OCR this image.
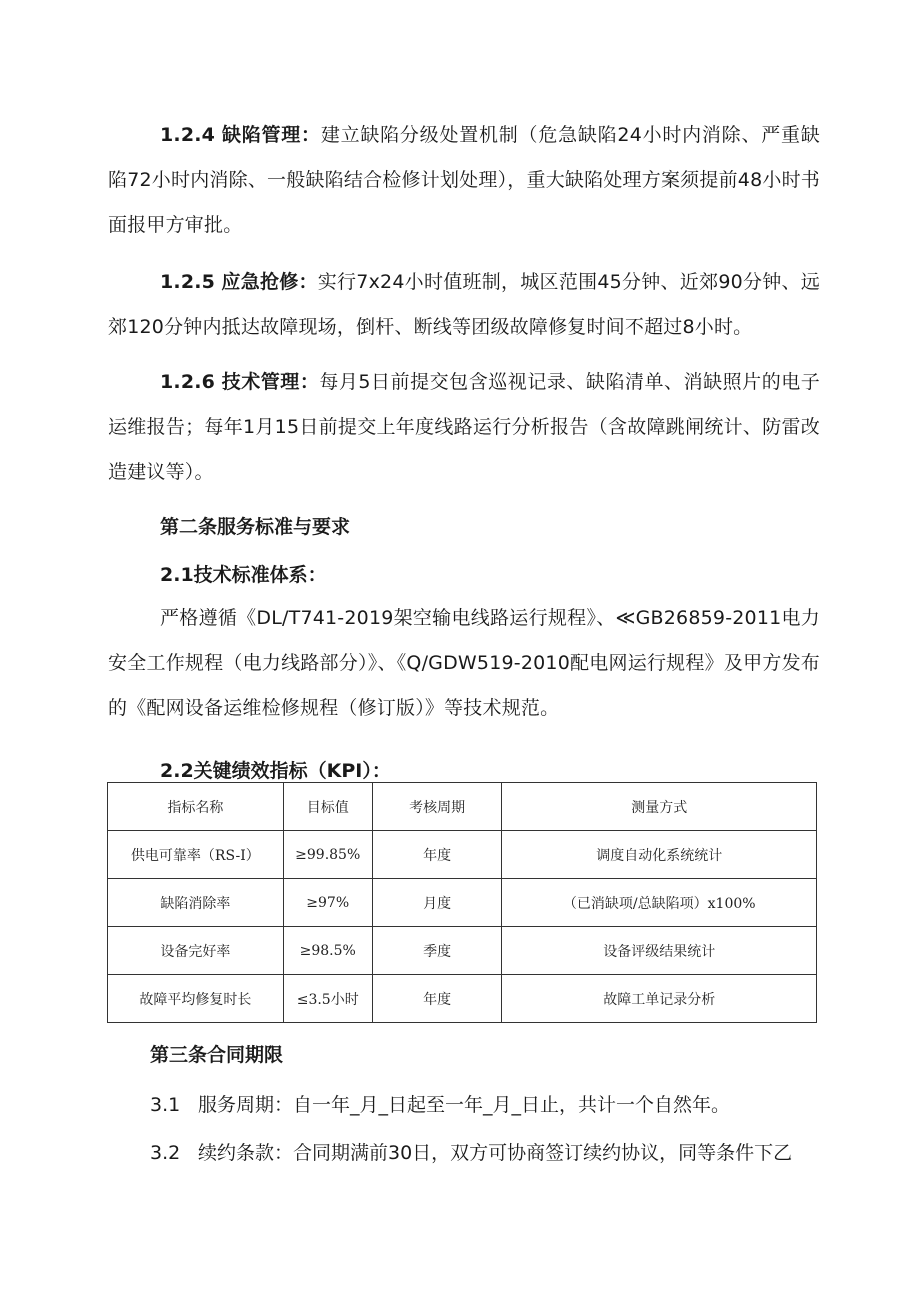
1.2.4 缺陷管理：建立缺陷分级处置机制（危急缺陷24小时内消除、严重缺陷72小时内消除、一般缺陷结合检修计划处理），重大缺陷处理方案须提前48小时书面报甲方审批。

1.2.5 应急抢修：实行7x24小时值班制，城区范围45分钟、近郊90分钟、远郊120分钟内抵达故障现场，倒杆、断线等团级故障修复时间不超过8小时。

1.2.6 技术管理：每月5日前提交包含巡视记录、缺陷清单、消缺照片的电子运维报告；每年1月15日前提交上年度线路运行分析报告（含故障跳闸统计、防雷改造建议等）。

第二条服务标准与要求

2.1技术标准体系：

严格遵循《DL/T741-2019架空输电线路运行规程》、≪GB26859-2011电力安全工作规程（电力线路部分）》、《Q/GDW519-2010配电网运行规程》及甲方发布的《配网设备运维检修规程（修订版）》等技术规范。

2.2关键绩效指标（KPI）：
指标名称	目标值	考核周期	测量方式
供电可靠率（RS-I）	≥99.85%	年度	调度自动化系统统计
缺陷消除率	≥97%	月度	（已消缺项/总缺陷项）x100%
设备完好率	≥98.5%	季度	设备评级结果统计
故障平均修复时长	≤3.5小时	年度	故障工单记录分析

第三条合同期限

3.1 服务周期：自一年_月_日起至一年_月_日止，共计一个自然年。

3.2 续约条款：合同期满前30日，双方可协商签订续约协议，同等条件下乙
